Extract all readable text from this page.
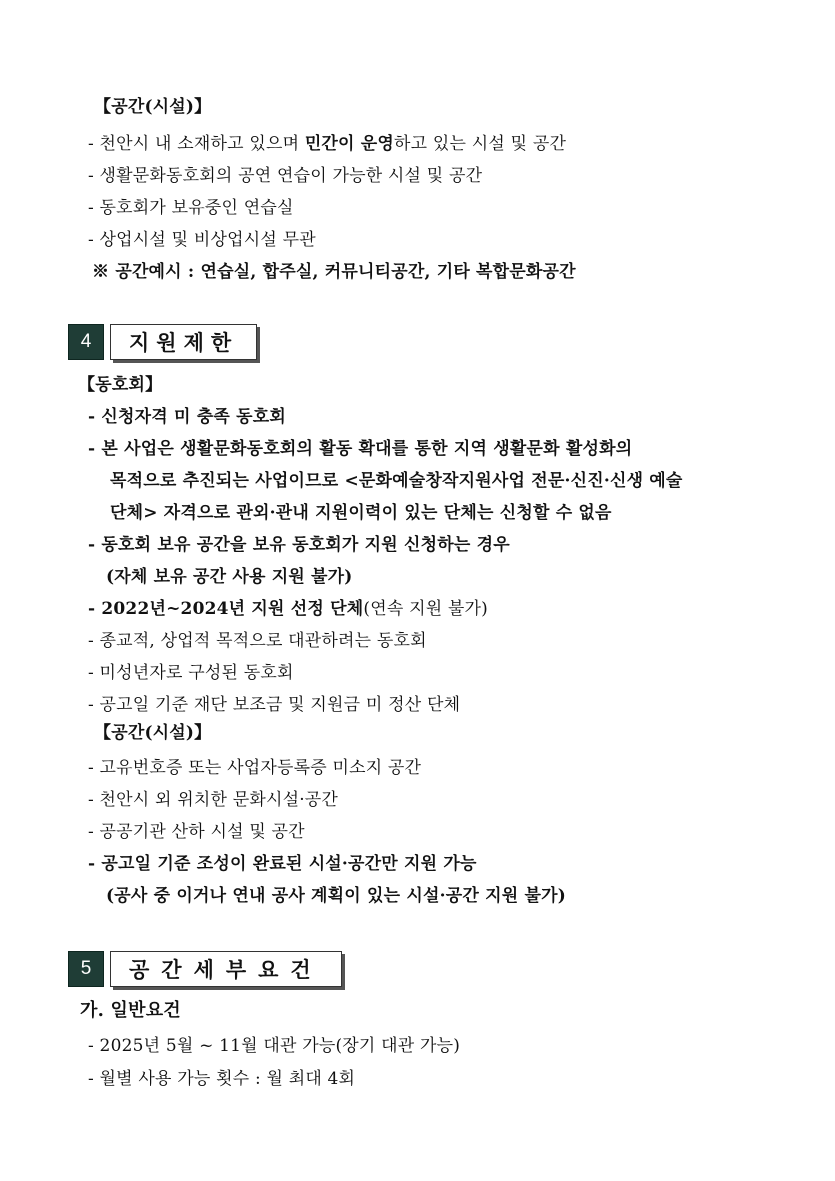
【공간(시설)】
- 천안시 내 소재하고 있으며 민간이 운영하고 있는 시설 및 공간
- 생활문화동호회의 공연 연습이 가능한 시설 및 공간
- 동호회가 보유중인 연습실
- 상업시설 및 비상업시설 무관
※ 공간예시 : 연습실, 합주실, 커뮤니티공간, 기타 복합문화공간
4	지원제한
【동호회】
- 신청자격 미 충족 동호회
- 본 사업은 생활문화동호회의 활동 확대를 통한 지역 생활문화 활성화의
목적으로 추진되는 사업이므로 <문화예술창작지원사업 전문·신진·신생 예술
단체> 자격으로 관외·관내 지원이력이 있는 단체는 신청할 수 없음
- 동호회 보유 공간을 보유 동호회가 지원 신청하는 경우
(자체 보유 공간 사용 지원 불가)
- 2022년~2024년 지원 선정 단체(연속 지원 불가)
- 종교적, 상업적 목적으로 대관하려는 동호회
- 미성년자로 구성된 동호회
- 공고일 기준 재단 보조금 및 지원금 미 정산 단체
【공간(시설)】
- 고유번호증 또는 사업자등록증 미소지 공간
- 천안시 외 위치한 문화시설·공간
- 공공기관 산하 시설 및 공간
- 공고일 기준 조성이 완료된 시설·공간만 지원 가능
(공사 중 이거나 연내 공사 계획이 있는 시설·공간 지원 불가)
5	공간세부요건
가. 일반요건
- 2025년 5월 ~ 11월 대관 가능(장기 대관 가능)
- 월별 사용 가능 횟수 : 월 최대 4회
